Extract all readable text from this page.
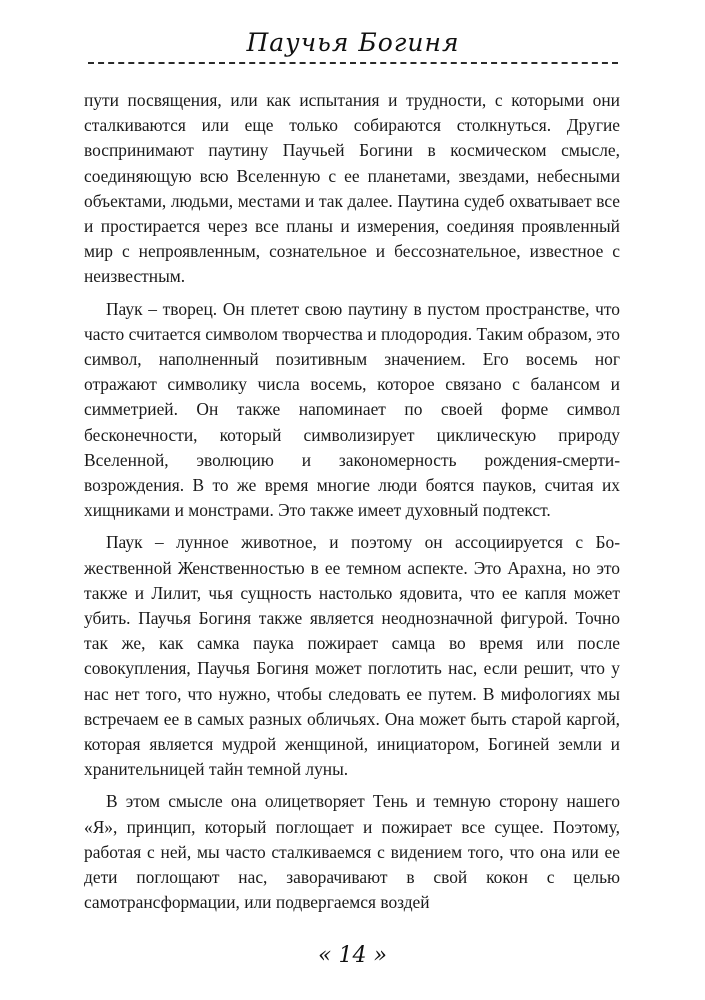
Паучья Богиня

пути посвящения, или как испытания и трудности, с которыми они сталкиваются или еще только собираются столкнуться. Другие воспринимают паутину Паучьей Богини в космическом смысле, соединяющую всю Вселенную с ее планетами, звездами, небесными объектами, людьми, местами и так далее. Паутина судеб охватывает все и простирается через все планы и измерения, соединяя проявленный мир с непроявленным, сознательное и бессознательное, известное с неизвестным.

Паук – творец. Он плетет свою паутину в пустом пространстве, что часто считается символом творчества и плодородия. Таким образом, это символ, наполненный позитивным значением. Его восемь ног отражают символику числа восемь, которое связано с балансом и симметрией. Он также напоминает по своей форме символ бесконечности, который символизирует циклическую природу Вселенной, эволюцию и закономерность рождения-смерти-возрождения. В то же время многие люди боятся пауков, считая их хищниками и монстрами. Это также имеет духовный подтекст.

Паук – лунное животное, и поэтому он ассоциируется с Божественной Женственностью в ее темном аспекте. Это Арахна, но это также и Лилит, чья сущность настолько ядовита, что ее капля может убить. Паучья Богиня также является неоднозначной фигурой. Точно так же, как самка паука пожирает самца во время или после совокупления, Паучья Богиня может поглотить нас, если решит, что у нас нет того, что нужно, чтобы следовать ее путем. В мифологиях мы встречаем ее в самых разных обличьях. Она может быть старой каргой, которая является мудрой женщиной, инициатором, Богиней земли и хранительницей тайн темной луны.

В этом смысле она олицетворяет Тень и темную сторону нашего «Я», принцип, который поглощает и пожирает все сущее. Поэтому, работая с ней, мы часто сталкиваемся с видением того, что она или ее дети поглощают нас, заворачивают в свой кокон с целью самотрансформации, или подвергаемся воздей

« 14 »
